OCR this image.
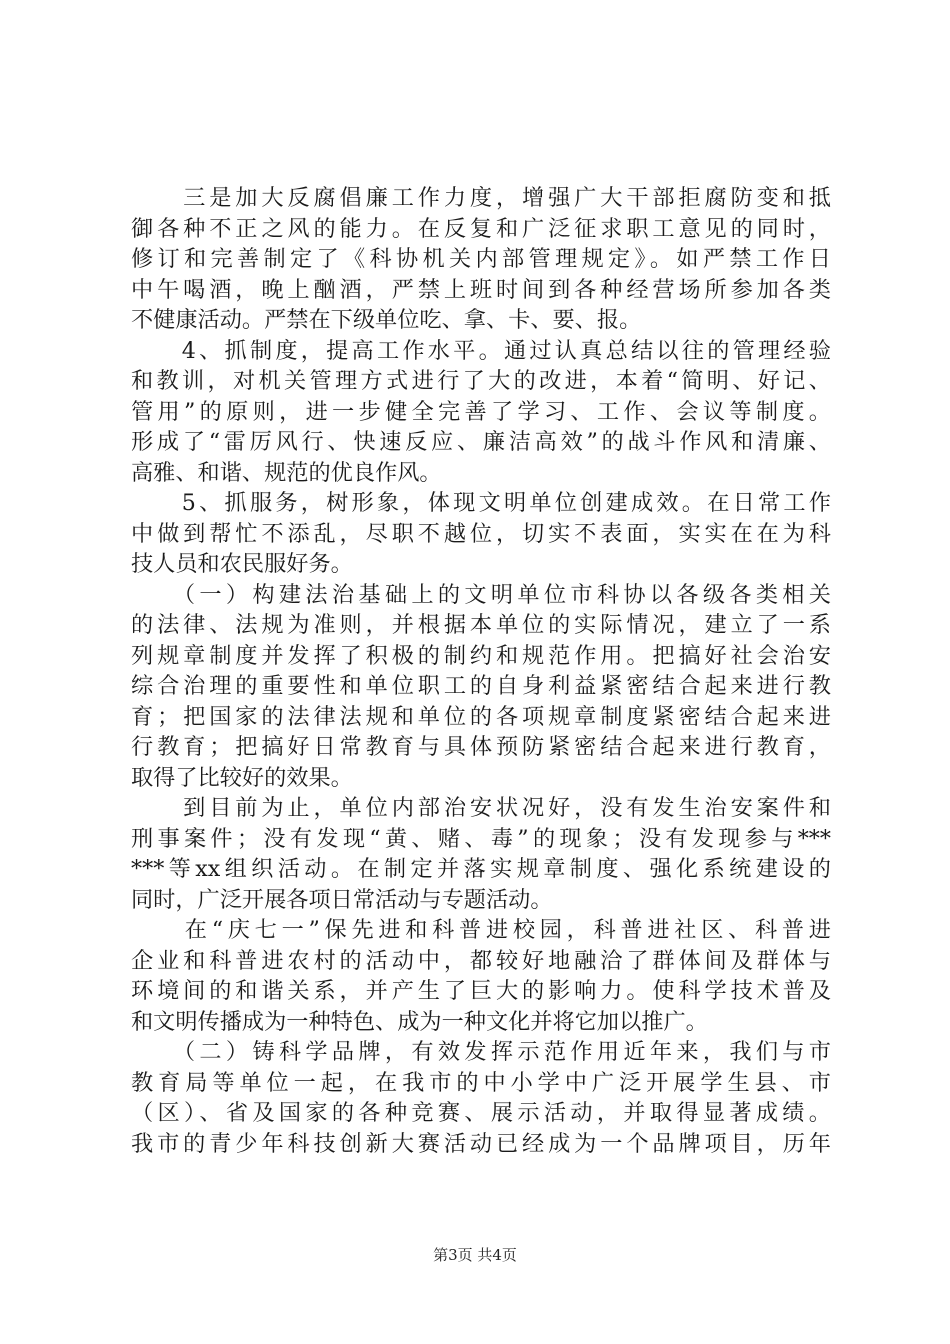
　　三是加大反腐倡廉工作力度，增强广大干部拒腐防变和抵
御各种不正之风的能力。在反复和广泛征求职工意见的同时，
修订和完善制定了《科协机关内部管理规定》。如严禁工作日
中午喝酒，晚上酗酒，严禁上班时间到各种经营场所参加各类
不健康活动。严禁在下级单位吃、拿、卡、要、报。
　　4、抓制度，提高工作水平。通过认真总结以往的管理经验
和教训，对机关管理方式进行了大的改进，本着“简明、好记、
管用”的原则，进一步健全完善了学习、工作、会议等制度。
形成了“雷厉风行、快速反应、廉洁高效”的战斗作风和清廉、
高雅、和谐、规范的优良作风。
　　5、抓服务，树形象，体现文明单位创建成效。在日常工作
中做到帮忙不添乱，尽职不越位，切实不表面，实实在在为科
技人员和农民服好务。
　　（一）构建法治基础上的文明单位市科协以各级各类相关
的法律、法规为准则，并根据本单位的实际情况，建立了一系
列规章制度并发挥了积极的制约和规范作用。把搞好社会治安
综合治理的重要性和单位职工的自身利益紧密结合起来进行教
育；把国家的法律法规和单位的各项规章制度紧密结合起来进
行教育；把搞好日常教育与具体预防紧密结合起来进行教育，
取得了比较好的效果。
　　到目前为止，单位内部治安状况好，没有发生治安案件和
刑事案件；没有发现“黄、赌、毒”的现象；没有发现参与***
***等xx组织活动。在制定并落实规章制度、强化系统建设的
同时，广泛开展各项日常活动与专题活动。
　　在“庆七一”保先进和科普进校园，科普进社区、科普进
企业和科普进农村的活动中，都较好地融洽了群体间及群体与
环境间的和谐关系，并产生了巨大的影响力。使科学技术普及
和文明传播成为一种特色、成为一种文化并将它加以推广。
　　（二）铸科学品牌，有效发挥示范作用近年来，我们与市
教育局等单位一起，在我市的中小学中广泛开展学生县、市
（区）、省及国家的各种竞赛、展示活动，并取得显著成绩。
我市的青少年科技创新大赛活动已经成为一个品牌项目，历年
第3页 共4页
